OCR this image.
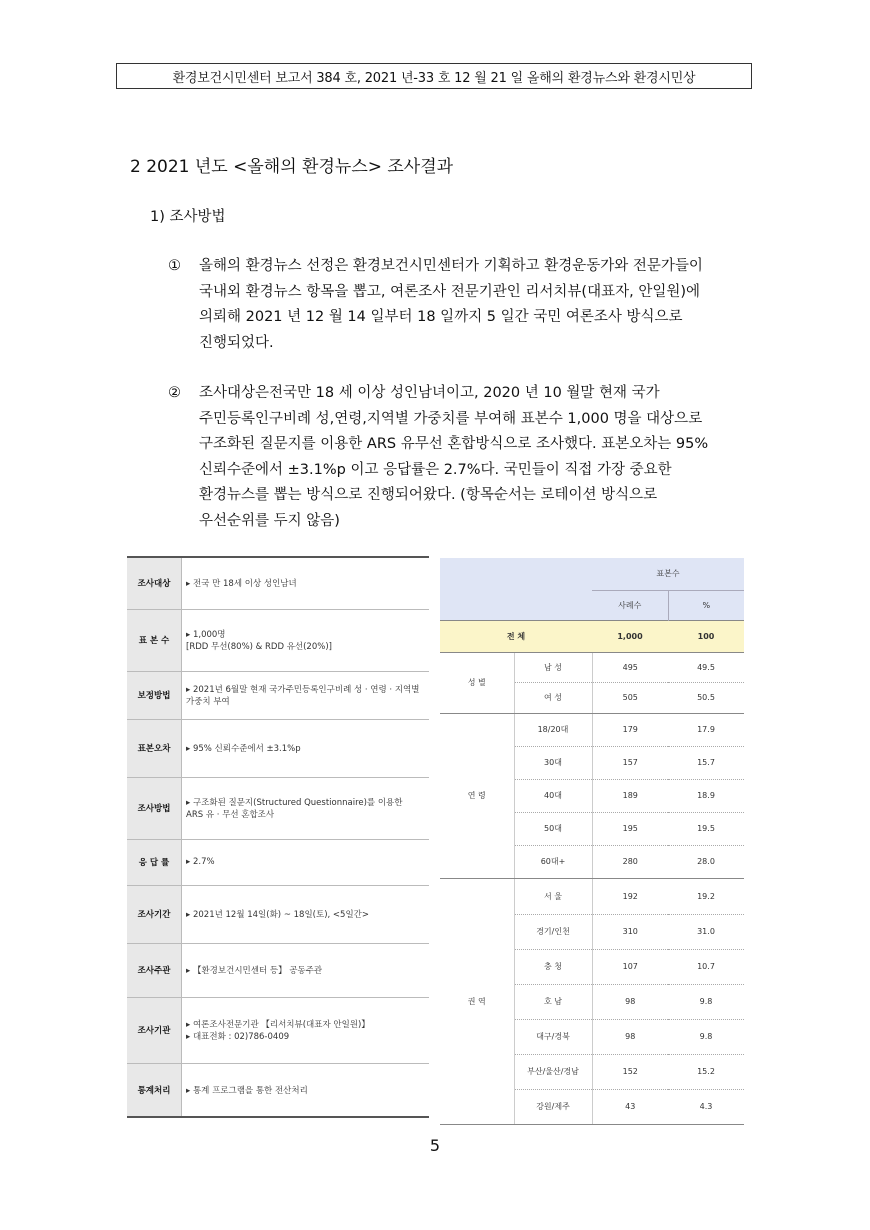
환경보건시민센터 보고서 384 호, 2021 년-33 호 12 월 21 일 올해의 환경뉴스와 환경시민상
2 2021 년도 <올해의 환경뉴스> 조사결과
1) 조사방법
① 올해의 환경뉴스 선정은 환경보건시민센터가 기획하고 환경운동가와 전문가들이
국내외 환경뉴스 항목을 뽑고, 여론조사 전문기관인 리서치뷰(대표자, 안일원)에
의뢰해 2021 년 12 월 14 일부터 18 일까지 5 일간 국민 여론조사 방식으로
진행되었다.
② 조사대상은전국만 18 세 이상 성인남녀이고, 2020 년 10 월말 현재 국가
주민등록인구비례 성,연령,지역별 가중치를 부여해 표본수 1,000 명을 대상으로
구조화된 질문지를 이용한 ARS 유무선 혼합방식으로 조사했다. 표본오차는 95%
신뢰수준에서 ±3.1%p 이고 응답률은 2.7%다. 국민들이 직접 가장 중요한
환경뉴스를 뽑는 방식으로 진행되어왔다. (항목순서는 로테이션 방식으로
우선순위를 두지 않음)
조사대상	▸ 전국 만 18세 이상 성인남녀

표 본 수	▸ 1,000명
[RDD 무선(80%) & RDD 유선(20%)]

보정방법	▸ 2021년 6월말 현재 국가주민등록인구비례 성 · 연령 · 지역별 가중치 부여

표본오차	▸ 95% 신뢰수준에서 ±3.1%p

조사방법	▸ 구조화된 질문지(Structured Questionnaire)를 이용한
ARS 유 · 무선 혼합조사

응 답 률	▸ 2.7%

조사기간	▸ 2021년 12월 14일(화) ~ 18일(토), <5일간>

조사주관	▸ 【환경보건시민센터 등】 공동주관

조사기관	▸ 여론조사전문기관 【리서치뷰(대표자 안일원)】
▸ 대표전화 : 02)786-0409

통계처리	▸ 통계 프로그램을 통한 전산처리
		표본수	
		사례수	%
전 체		1,000	100
성 별	남 성	495	49.5
	여 성	505	50.5
연 령	18/20대	179	17.9
	30대	157	15.7
	40대	189	18.9
	50대	195	19.5
	60대+	280	28.0
권 역	서 울	192	19.2
	경기/인천	310	31.0
	충 청	107	10.7
	호 남	98	9.8
	대구/경북	98	9.8
	부산/울산/경남	152	15.2
	강원/제주	43	4.3
5
